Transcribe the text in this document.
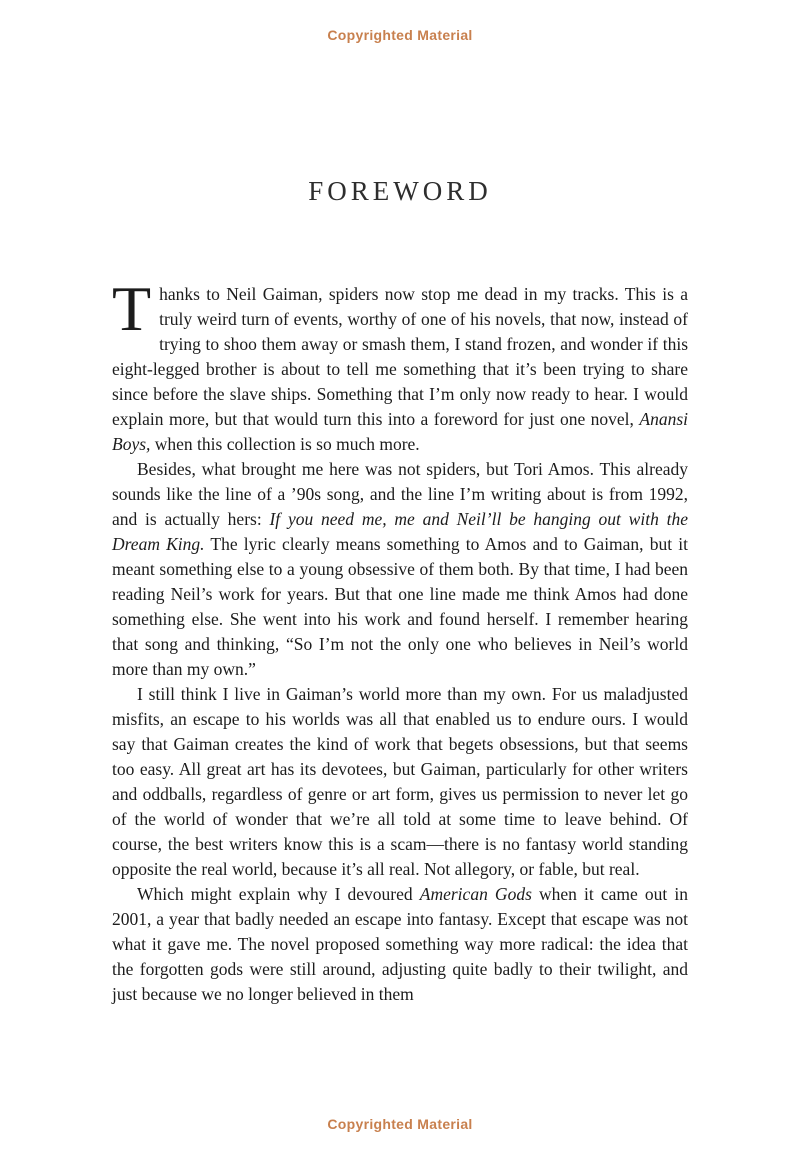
Copyrighted Material
FOREWORD

Thanks to Neil Gaiman, spiders now stop me dead in my tracks. This is a truly weird turn of events, worthy of one of his novels, that now, instead of trying to shoo them away or smash them, I stand frozen, and wonder if this eight-legged brother is about to tell me something that it’s been trying to share since before the slave ships. Something that I’m only now ready to hear. I would explain more, but that would turn this into a foreword for just one novel, Anansi Boys, when this collection is so much more.

Besides, what brought me here was not spiders, but Tori Amos. This already sounds like the line of a ’90s song, and the line I’m writing about is from 1992, and is actually hers: If you need me, me and Neil’ll be hanging out with the Dream King. The lyric clearly means something to Amos and to Gaiman, but it meant something else to a young obsessive of them both. By that time, I had been reading Neil’s work for years. But that one line made me think Amos had done something else. She went into his work and found herself. I remember hearing that song and thinking, “So I’m not the only one who believes in Neil’s world more than my own.”

I still think I live in Gaiman’s world more than my own. For us maladjusted misfits, an escape to his worlds was all that enabled us to endure ours. I would say that Gaiman creates the kind of work that begets obsessions, but that seems too easy. All great art has its devotees, but Gaiman, particularly for other writers and oddballs, regardless of genre or art form, gives us permission to never let go of the world of wonder that we’re all told at some time to leave behind. Of course, the best writers know this is a scam—there is no fantasy world standing opposite the real world, because it’s all real. Not allegory, or fable, but real.

Which might explain why I devoured American Gods when it came out in 2001, a year that badly needed an escape into fantasy. Except that escape was not what it gave me. The novel proposed something way more radical: the idea that the forgotten gods were still around, adjusting quite badly to their twilight, and just because we no longer believed in them

Copyrighted Material
